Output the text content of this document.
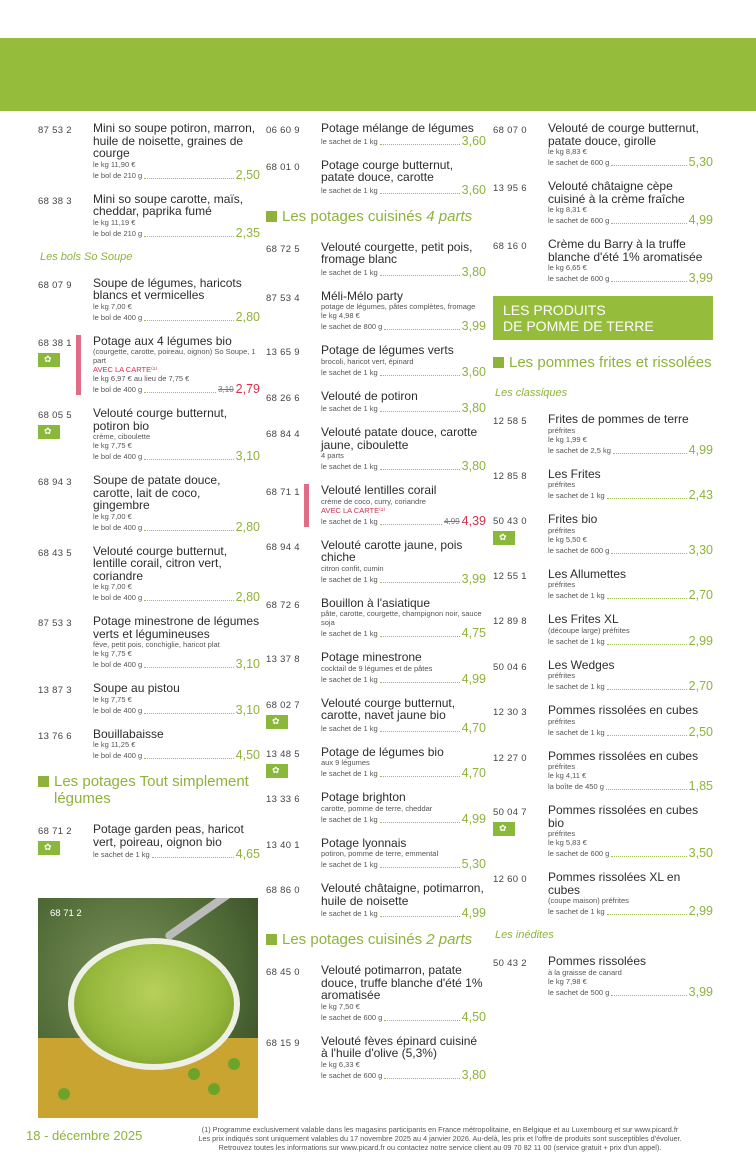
87 53 2 Mini so soupe potiron, marron, huile de noisette, graines de courge
le kg 11,90 €
le bol de 210 g	2,50
68 38 3 Mini so soupe carotte, maïs, cheddar, paprika fumé
le kg 11,19 €
le bol de 210 g	2,35
Les bols So Soupe
68 07 9 Soupe de légumes, haricots blancs et vermicelles
le kg 7,00 €
le bol de 400 g	2,80
68 38 1
✿ Potage aux 4 légumes bio
(courgette, carotte, poireau, oignon) So Soupe, 1 part
AVEC LA CARTE⁽¹⁾
le kg 6,97 € au lieu de 7,75 €
le bol de 400 g	3,10 2,79
68 05 5
✿ Velouté courge butternut, potiron bio
crème, ciboulette
le kg 7,75 €
le bol de 400 g	3,10
68 94 3 Soupe de patate douce, carotte, lait de coco, gingembre
le kg 7,00 €
le bol de 400 g	2,80
68 43 5 Velouté courge butternut, lentille corail, citron vert, coriandre
le kg 7,00 €
le bol de 400 g	2,80
87 53 3 Potage minestrone de légumes verts et légumineuses
fève, petit pois, conchiglie, haricot plat
le kg 7,75 €
le bol de 400 g	3,10
13 87 3 Soupe au pistou
le kg 7,75 €
le bol de 400 g	3,10
13 76 6 Bouillabaisse
le kg 11,25 €
le bol de 400 g	4,50
Les potages Tout simplement légumes
68 71 2
✿ Potage garden peas, haricot vert, poireau, oignon bio
le sachet de 1 kg	4,65
68 71 2
06 60 9 Potage mélange de légumes
le sachet de 1 kg	3,60
68 01 0 Potage courge butternut, patate douce, carotte
le sachet de 1 kg	3,60
Les potages cuisinés 4 parts
68 72 5 Velouté courgette, petit pois, fromage blanc
le sachet de 1 kg	3,80
87 53 4 Méli-Mélo party
potage de légumes, pâtes complètes, fromage
le kg 4,98 €
le sachet de 800 g	3,99
13 65 9 Potage de légumes verts
brocoli, haricot vert, épinard
le sachet de 1 kg	3,60
68 26 6 Velouté de potiron
le sachet de 1 kg	3,80
68 84 4 Velouté patate douce, carotte jaune, ciboulette
4 parts
le sachet de 1 kg	3,80
68 71 1 Velouté lentilles corail
crème de coco, curry, coriandre
AVEC LA CARTE⁽¹⁾
le sachet de 1 kg	4,99 4,39
68 94 4 Velouté carotte jaune, pois chiche
citron confit, cumin
le sachet de 1 kg	3,99
68 72 6 Bouillon à l'asiatique
pâte, carotte, courgette, champignon noir, sauce soja
le sachet de 1 kg	4,75
13 37 8 Potage minestrone
cocktail de 9 légumes et de pâtes
le sachet de 1 kg	4,99
68 02 7
✿ Velouté courge butternut, carotte, navet jaune bio
le sachet de 1 kg	4,70
13 48 5
✿ Potage de légumes bio
aux 9 légumes
le sachet de 1 kg	4,70
13 33 6 Potage brighton
carotte, pomme de terre, cheddar
le sachet de 1 kg	4,99
13 40 1 Potage lyonnais
potiron, pomme de terre, emmental
le sachet de 1 kg	5,30
68 86 0 Velouté châtaigne, potimarron, huile de noisette
le sachet de 1 kg	4,99
Les potages cuisinés 2 parts
68 45 0 Velouté potimarron, patate douce, truffe blanche d'été 1% aromatisée
le kg 7,50 €
le sachet de 600 g	4,50
68 15 9 Velouté fèves épinard cuisiné à l'huile d'olive (5,3%)
le kg 6,33 €
le sachet de 600 g	3,80
68 07 0 Velouté de courge butternut, patate douce, girolle
le kg 8,83 €
le sachet de 600 g	5,30
13 95 6 Velouté châtaigne cèpe cuisiné à la crème fraîche
le kg 8,31 €
le sachet de 600 g	4,99
68 16 0 Crème du Barry à la truffe blanche d'été 1% aromatisée
le kg 6,65 €
le sachet de 600 g	3,99
LES PRODUITS
DE POMME DE TERRE
Les pommes frites et rissolées
Les classiques
12 58 5 Frites de pommes de terre
préfrites
le kg 1,99 €
le sachet de 2,5 kg	4,99
12 85 8 Les Frites
préfrites
le sachet de 1 kg	2,43
50 43 0
✿ Frites bio
préfrites
le kg 5,50 €
le sachet de 600 g	3,30
12 55 1 Les Allumettes
préfrites
le sachet de 1 kg	2,70
12 89 8 Les Frites XL
(découpe large) préfrites
le sachet de 1 kg	2,99
50 04 6 Les Wedges
préfrites
le sachet de 1 kg	2,70
12 30 3 Pommes rissolées en cubes
préfrites
le sachet de 1 kg	2,50
12 27 0 Pommes rissolées en cubes
préfrites
le kg 4,11 €
la boîte de 450 g	1,85
50 04 7
✿ Pommes rissolées en cubes bio
préfrites
le kg 5,83 €
le sachet de 600 g	3,50
12 60 0 Pommes rissolées XL en cubes
(coupe maison) préfrites
le sachet de 1 kg	2,99
Les inédites
50 43 2 Pommes rissolées
à la graisse de canard
le kg 7,98 €
le sachet de 500 g	3,99
18 - décembre 2025	(1) Programme exclusivement valable dans les magasins participants en France métropolitaine, en Belgique et au Luxembourg et sur www.picard.fr
Les prix indiqués sont uniquement valables du 17 novembre 2025 au 4 janvier 2026. Au-delà, les prix et l'offre de produits sont susceptibles d'évoluer.
Retrouvez toutes les informations sur www.picard.fr ou contactez notre service client au 09 70 82 11 00 (service gratuit + prix d'un appel).
